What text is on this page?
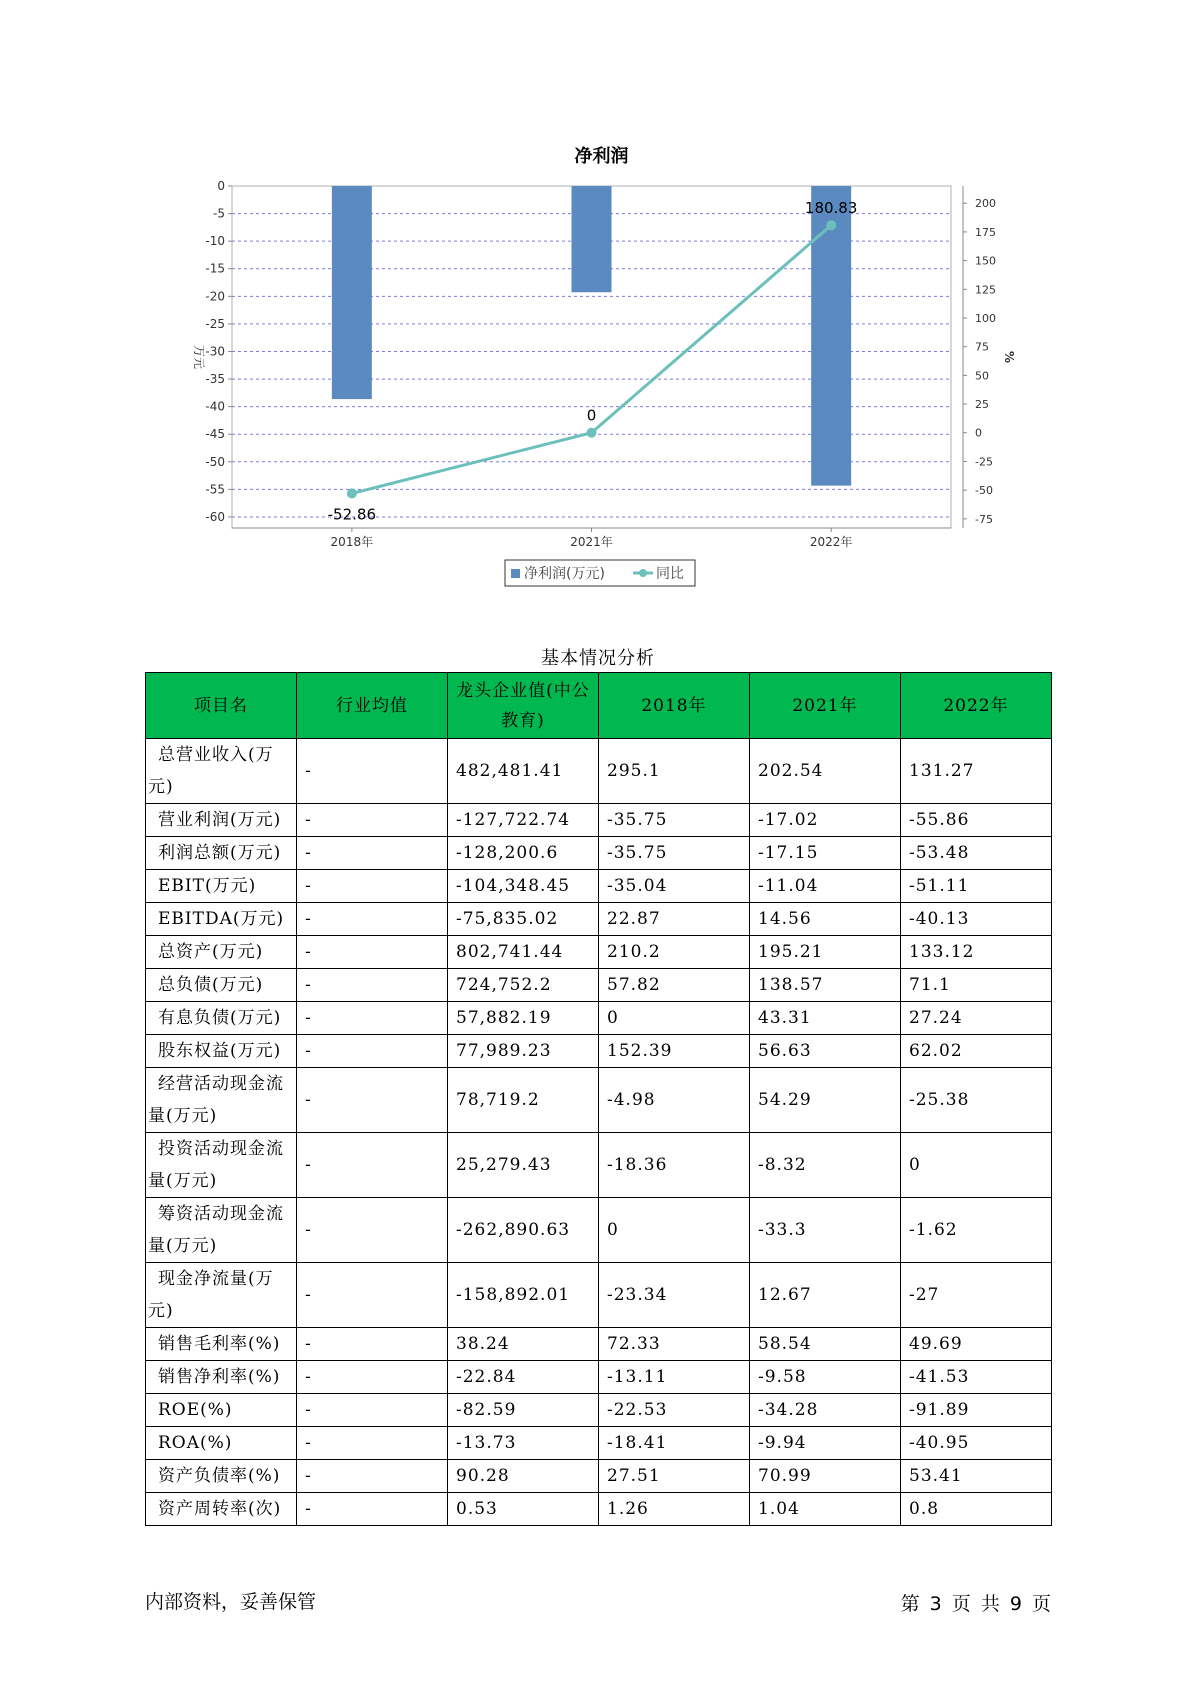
净利润
0
-5
-10
-15
-20
-25
-30
-35
-40
-45
-50
-55
-60
200
175
150
125
100
75
50
25
0
-25
-50
-75
万元	%
2018年	2021年	2022年
-52.86
0
180.83
净利润(万元)	同比
基本情况分析
项目名	行业均值	龙头企业值(中公教育)	2018年	2021年	2022年
总营业收入(万元)	-	482,481.41	295.1	202.54	131.27
营业利润(万元)	-	-127,722.74	-35.75	-17.02	-55.86
利润总额(万元)	-	-128,200.6	-35.75	-17.15	-53.48
EBIT(万元)	-	-104,348.45	-35.04	-11.04	-51.11
EBITDA(万元)	-	-75,835.02	22.87	14.56	-40.13
总资产(万元)	-	802,741.44	210.2	195.21	133.12
总负债(万元)	-	724,752.2	57.82	138.57	71.1
有息负债(万元)	-	57,882.19	0	43.31	27.24
股东权益(万元)	-	77,989.23	152.39	56.63	62.02
经营活动现金流量(万元)	-	78,719.2	-4.98	54.29	-25.38
投资活动现金流量(万元)	-	25,279.43	-18.36	-8.32	0
筹资活动现金流量(万元)	-	-262,890.63	0	-33.3	-1.62
现金净流量(万元)	-	-158,892.01	-23.34	12.67	-27
销售毛利率(%)	-	38.24	72.33	58.54	49.69
销售净利率(%)	-	-22.84	-13.11	-9.58	-41.53
ROE(%)	-	-82.59	-22.53	-34.28	-91.89
ROA(%)	-	-13.73	-18.41	-9.94	-40.95
资产负债率(%)	-	90.28	27.51	70.99	53.41
资产周转率(次)	-	0.53	1.26	1.04	0.8
内部资料，妥善保管	第 3 页 共 9 页
